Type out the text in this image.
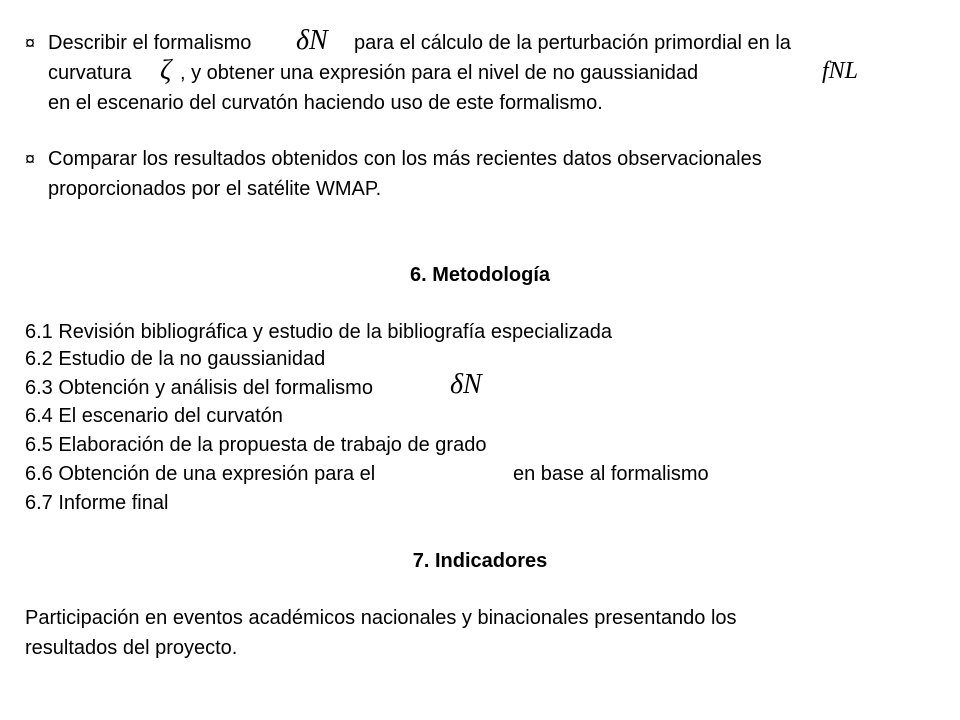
¤ Describir el formalismo δN para el cálculo de la perturbación primordial en la
curvatura ζ , y obtener una expresión para el nivel de no gaussianidad	fNL
en el escenario del curvatón haciendo uso de este formalismo.
¤ Comparar los resultados obtenidos con los más recientes datos observacionales
proporcionados por el satélite WMAP.
6. Metodología
6.1 Revisión bibliográfica y estudio de la bibliografía especializada
6.2 Estudio de la no gaussianidad
6.3 Obtención y análisis del formalismo	δN
6.4 El escenario del curvatón
6.5 Elaboración de la propuesta de trabajo de grado
6.6 Obtención de una expresión para el	en base al formalismo
6.7 Informe final
7. Indicadores
Participación en eventos académicos nacionales y binacionales presentando los
resultados del proyecto.
